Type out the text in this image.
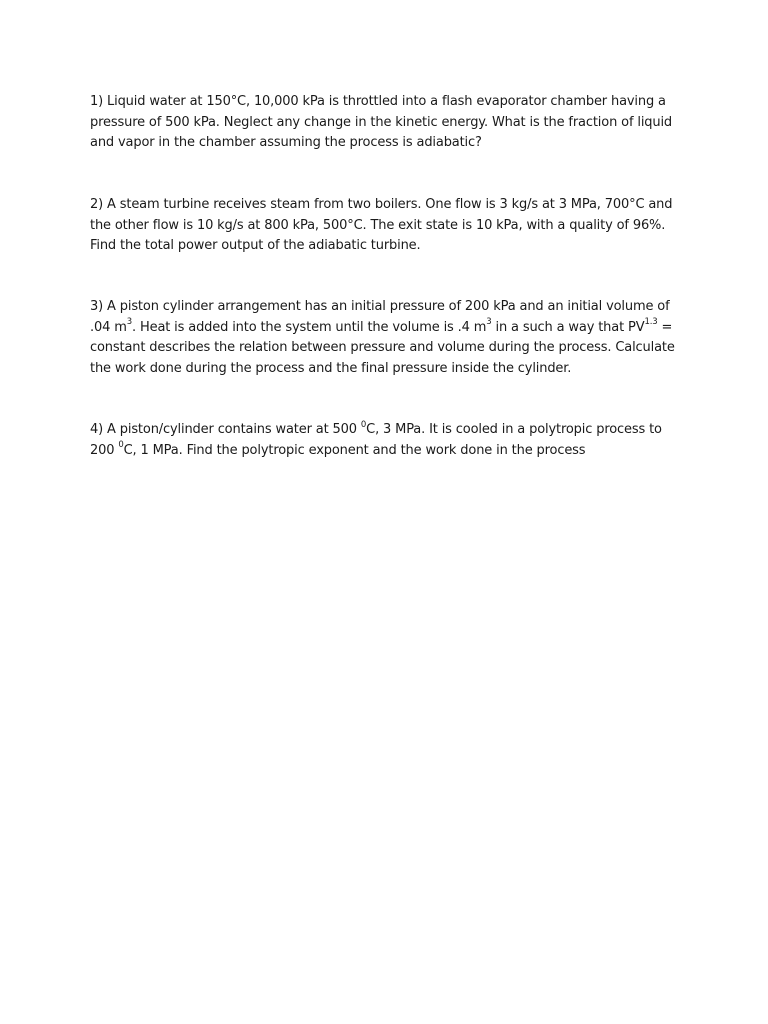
1) Liquid water at 150°C, 10,000 kPa is throttled into a flash evaporator chamber having a pressure of 500 kPa. Neglect any change in the kinetic energy. What is the fraction of liquid and vapor in the chamber assuming the process is adiabatic?

2) A steam turbine receives steam from two boilers. One flow is 3 kg/s at 3 MPa, 700°C and the other flow is 10 kg/s at 800 kPa, 500°C. The exit state is 10 kPa, with a quality of 96%. Find the total power output of the adiabatic turbine.

3) A piston cylinder arrangement has an initial pressure of 200 kPa and an initial volume of .04 $m^3$. Heat is added into the system until the volume is .4 $m^3$ in a such a way that $PV^{1.3}$ = constant describes the relation between pressure and volume during the process. Calculate the work done during the process and the final pressure inside the cylinder.

4) A piston/cylinder contains water at 500 $^0$C, 3 MPa. It is cooled in a polytropic process to 200 $^0$C, 1 MPa. Find the polytropic exponent and the work done in the process
